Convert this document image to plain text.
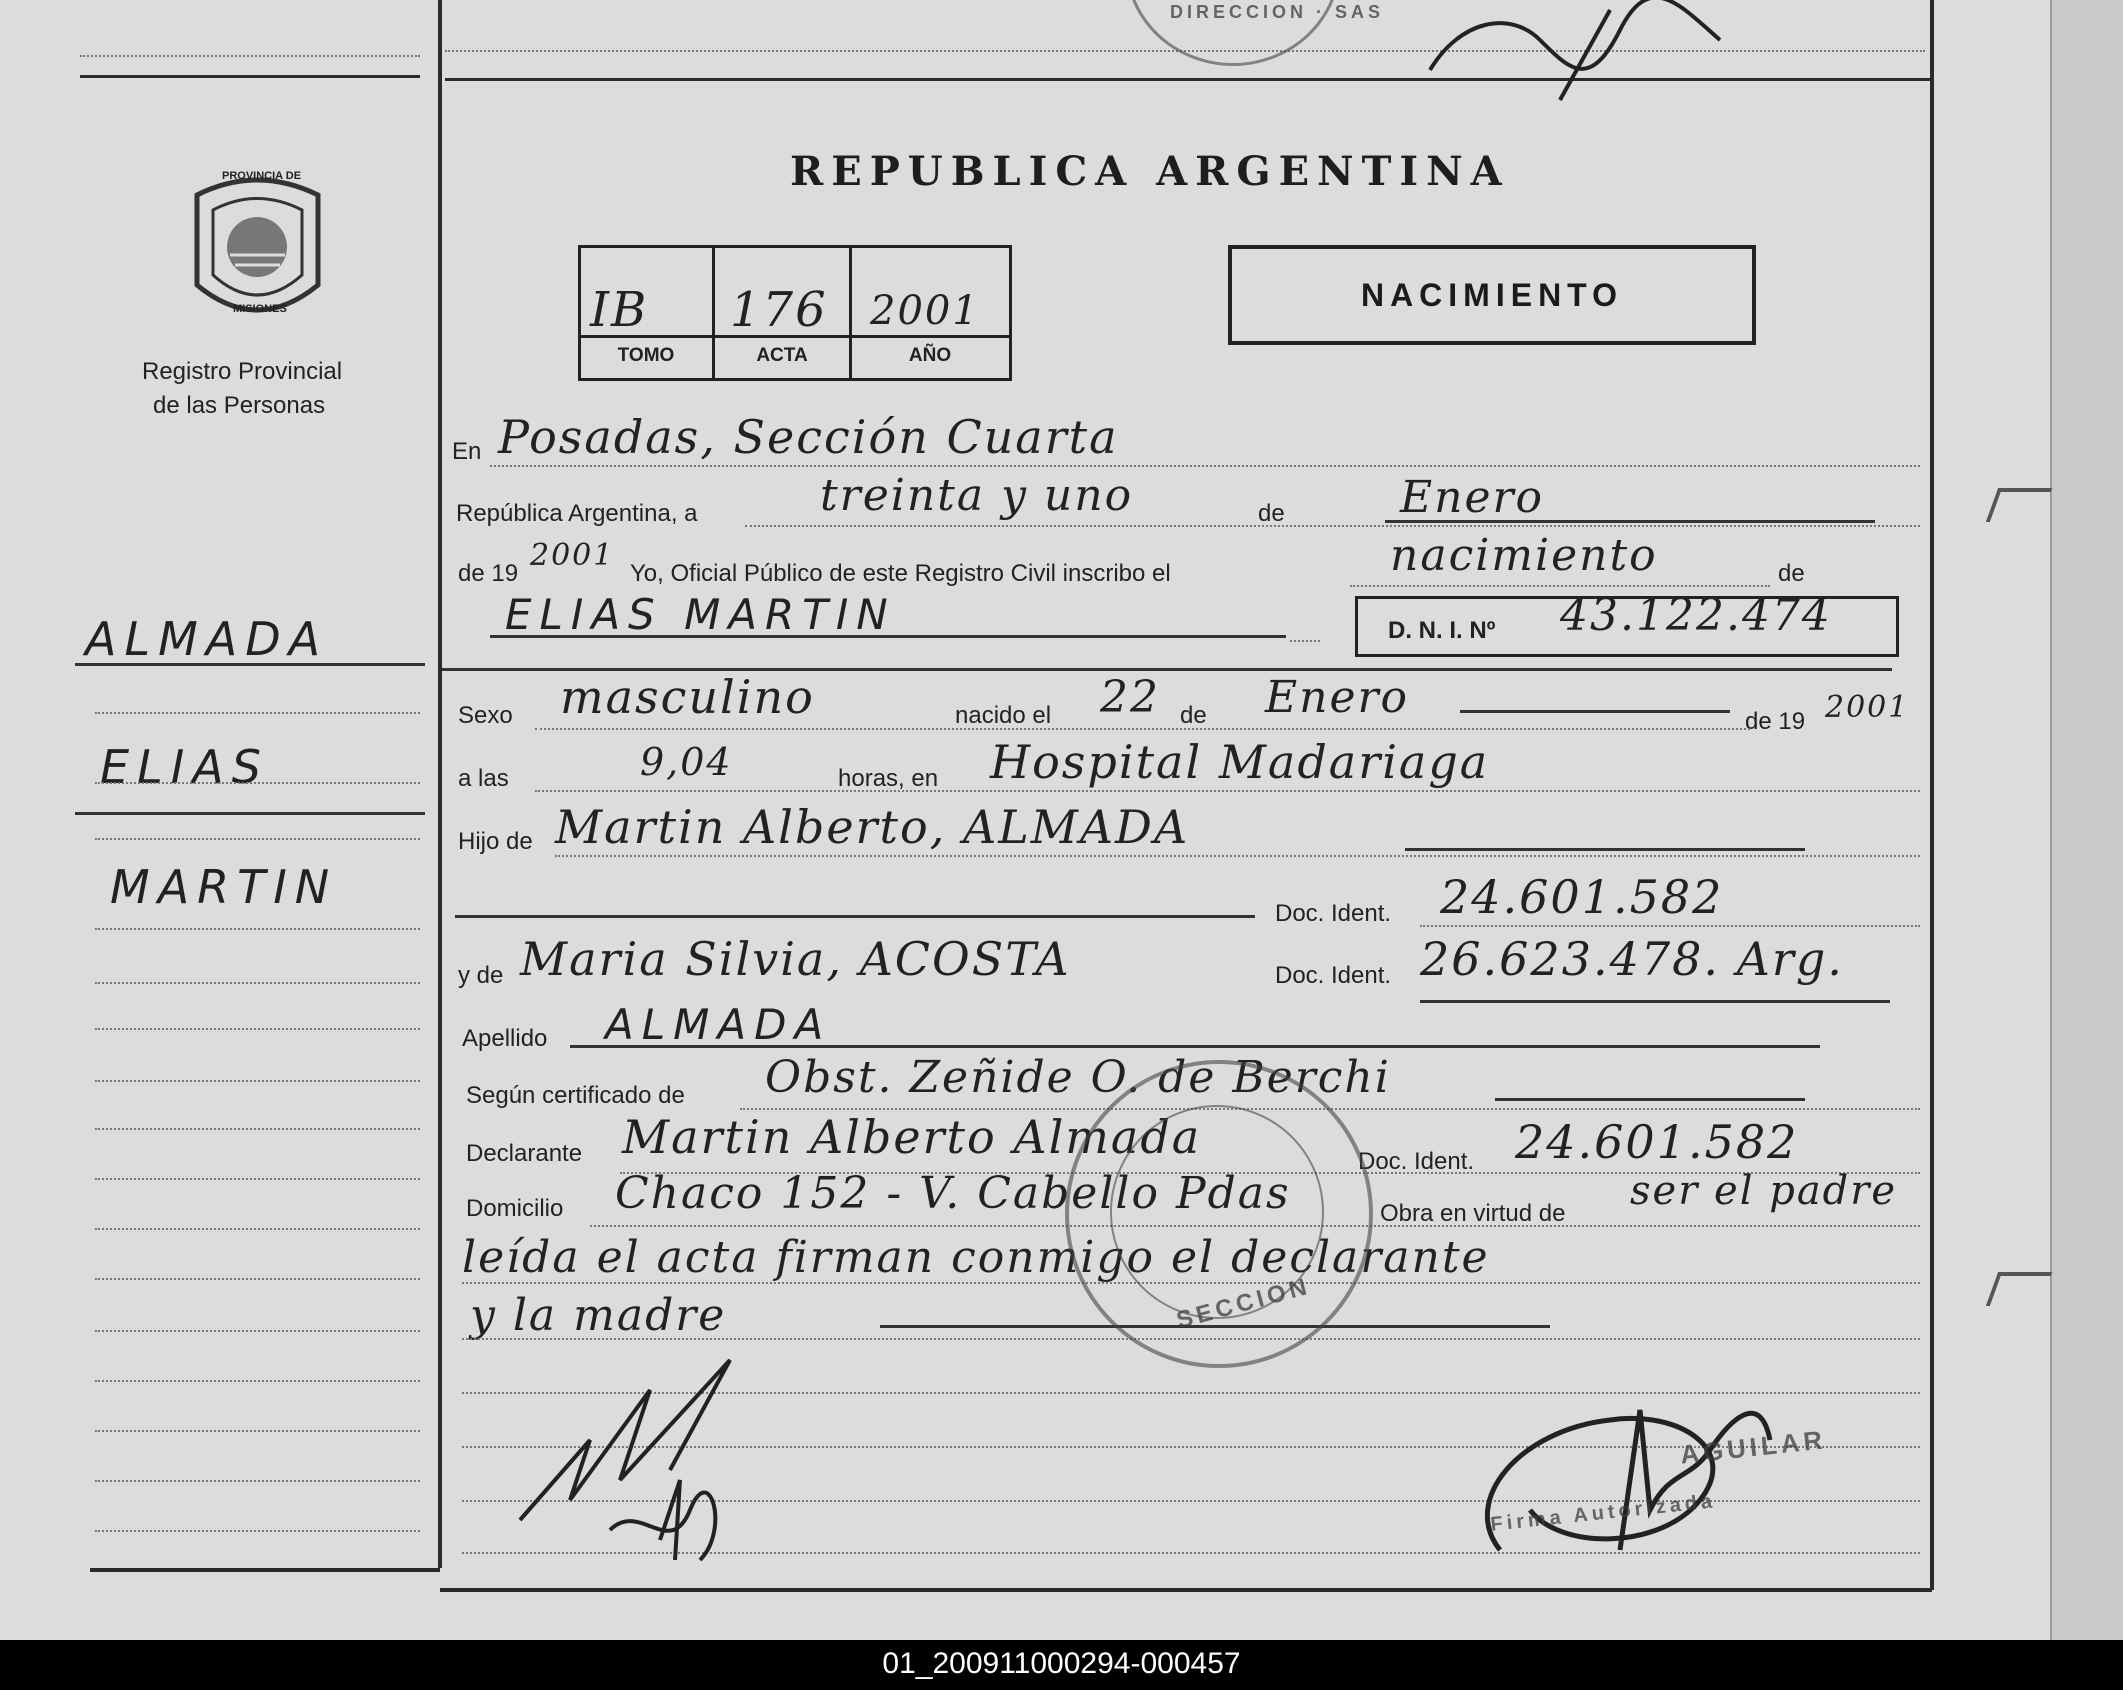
DIRECCION · SAS
PROVINCIA DE
MISIONES
Registro Provincial
de las Personas
REPUBLICA ARGENTINA
IB 176 2001
TOMO	ACTA	AÑO
NACIMIENTO
ALMADA
ELIAS
MARTIN
En Posadas, Sección Cuarta
República Argentina, a	treinta y uno	de	Enero
de 19
2001
Yo, Oficial Público de este Registro Civil inscribo el	nacimiento	de
ELIAS MARTIN	D. N. I. Nº 43.122.474
Sexo masculino	nacido el 22 de Enero	de 19 2001
a las	9,04	horas, en Hospital Madariaga
Hijo de Martin Alberto, ALMADA
Doc. Ident. 24.601.582
y de Maria Silvia, ACOSTA	Doc. Ident. 26.623.478. Arg.
Apellido ALMADA
Según certificado de Obst. Zeñide O. de Berchi
Declarante Martin Alberto Almada	Doc. Ident. 24.601.582
Domicilio Chaco 152 - V. Cabello Pdas	Obra en virtud de ser el padre
leída el acta firman conmigo el declarante
y la madre	SECCION
AGUILAR
Firma Autorizada
01_200911000294-000457
